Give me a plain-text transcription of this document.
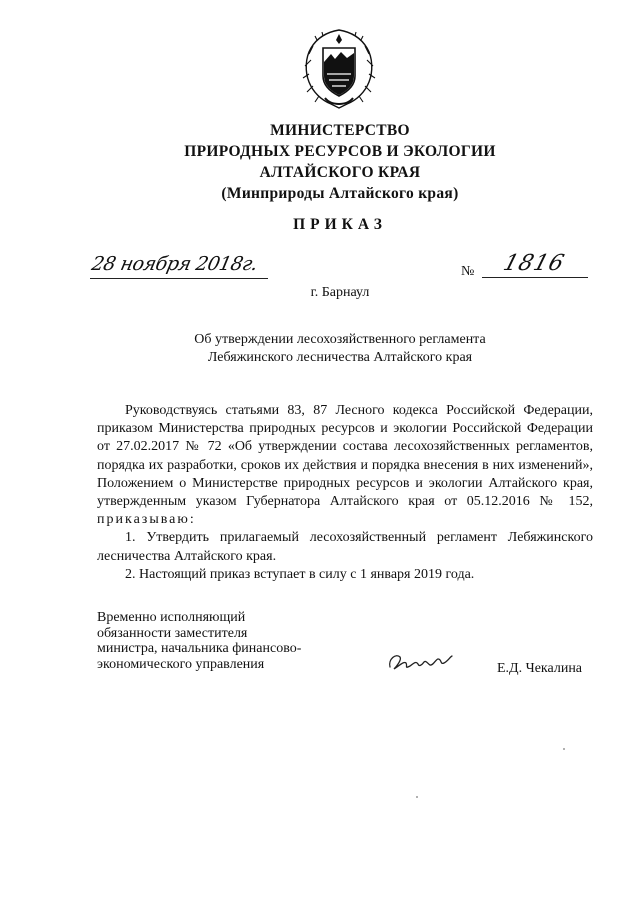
МИНИСТЕРСТВО
ПРИРОДНЫХ РЕСУРСОВ И ЭКОЛОГИИ
АЛТАЙСКОГО КРАЯ
(Минприроды Алтайского края)
ПРИКАЗ
28 ноября 2018г.	№ 1816
г. Барнаул
Об утверждении лесохозяйственного регламента
Лебяжинского лесничества Алтайского края

Руководствуясь статьями 83, 87 Лесного кодекса Российской Федерации, приказом Министерства природных ресурсов и экологии Российской Федерации от 27.02.2017 № 72 «Об утверждении состава лесохозяйственных регламентов, порядка их разработки, сроков их действия и порядка внесения в них изменений», Положением о Министерстве природных ресурсов и экологии Алтайского края, утвержденным указом Губернатора Алтайского края от 05.12.2016 № 152, приказываю:

1. Утвердить прилагаемый лесохозяйственный регламент Лебяжинского лесничества Алтайского края.

2. Настоящий приказ вступает в силу с 1 января 2019 года.

Временно исполняющий
обязанности заместителя
министра, начальника финансово-
экономического управления	Е.Д. Чекалина
